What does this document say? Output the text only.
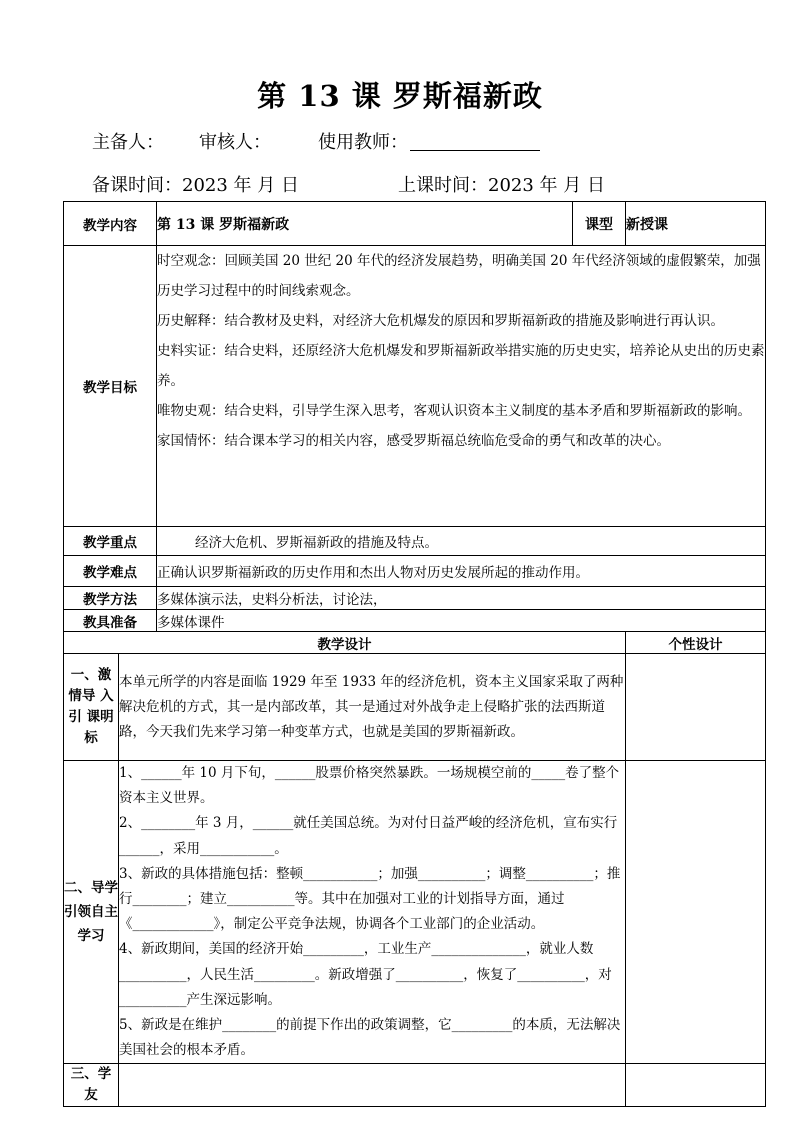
第 13 课 罗斯福新政
主备人： 审核人：	使用教师：
备课时间：2023 年 月 日	上课时间：2023 年 月 日
教学内容		第 13 课 罗斯福新政	课型	新授课
教学目标		时空观念：回顾美国 20 世纪 20 年代的经济发展趋势，明确美国 20 年代经济领域的虚假繁荣，加强历史学习过程中的时间线索观念。

历史解释：结合教材及史料，对经济大危机爆发的原因和罗斯福新政的措施及影响进行再认识。

史料实证：结合史料，还原经济大危机爆发和罗斯福新政举措实施的历史史实，培养论从史出的历史素养。

唯物史观：结合史料，引导学生深入思考，客观认识资本主义制度的基本矛盾和罗斯福新政的影响。

家国情怀：结合课本学习的相关内容，感受罗斯福总统临危受命的勇气和改革的决心。		

教学重点		经济大危机、罗斯福新政的措施及特点。		
教学难点		正确认识罗斯福新政的历史作用和杰出人物对历史发展所起的推动作用。		
教学方法		多媒体演示法，史料分析法，讨论法，		
教具准备		多媒体课件		
教学设计				个性设计
一、激 情导 入引 课明标	本单元所学的内容是面临 1929 年至 1933 年的经济危机，资本主义国家采取了两种解决危机的方式，其一是内部改革，其一是通过对外战争走上侵略扩张的法西斯道路，今天我们先来学习第一种变革方式，也就是美国的罗斯福新政。			
二、导学引领自主学习	1、______年 10 月下旬，______股票价格突然暴跌。一场规模空前的_____卷了整个资本主义世界。

2、________年 3 月，______就任美国总统。为对付日益严峻的经济危机，宣布实行______，采用___________。

3、新政的具体措施包括：整顿___________；加强__________；调整__________；推行________；建立__________等。其中在加强对工业的计划指导方面，通过《____________》，制定公平竞争法规，协调各个工业部门的企业活动。

4、新政期间，美国的经济开始_________，工业生产______________，就业人数__________，人民生活_________。新政增强了__________，恢复了__________，对__________产生深远影响。

5、新政是在维护________的前提下作出的政策调整，它_________的本质，无法解决美国社会的根本矛盾。			

三、学 友				
